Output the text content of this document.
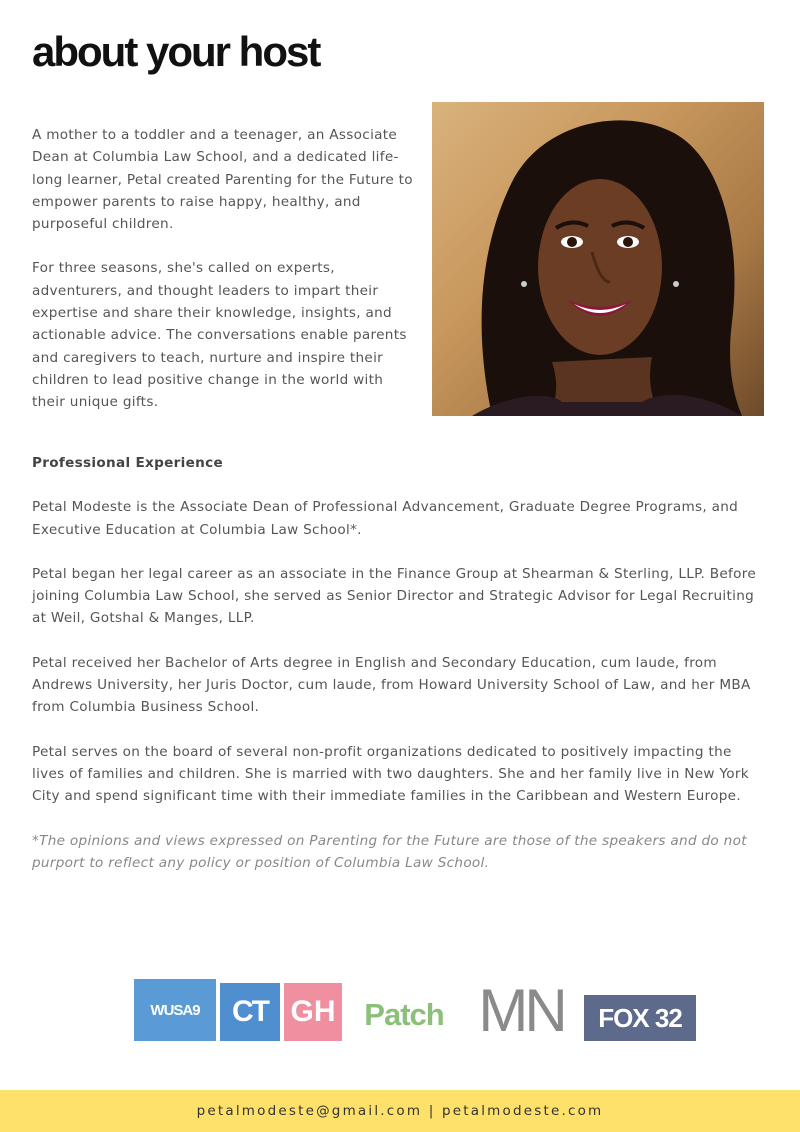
about your host

A mother to a toddler and a teenager, an Associate Dean at Columbia Law School, and a dedicated life-long learner, Petal created Parenting for the Future to empower parents to raise happy, healthy, and purposeful children.

For three seasons, she's called on experts, adventurers, and thought leaders to impart their expertise and share their knowledge, insights, and actionable advice. The conversations enable parents and caregivers to teach, nurture and inspire their children to lead positive change in the world with their unique gifts.

Professional Experience

Petal Modeste is the Associate Dean of Professional Advancement, Graduate Degree Programs, and Executive Education at Columbia Law School*.

Petal began her legal career as an associate in the Finance Group at Shearman & Sterling, LLP. Before joining Columbia Law School, she served as Senior Director and Strategic Advisor for Legal Recruiting at Weil, Gotshal & Manges, LLP.

Petal received her Bachelor of Arts degree in English and Secondary Education, cum laude, from Andrews University, her Juris Doctor, cum laude, from Howard University School of Law, and her MBA from Columbia Business School.

Petal serves on the board of several non-profit organizations dedicated to positively impacting the lives of families and children. She is married with two daughters. She and her family live in New York City and spend significant time with their immediate families in the Caribbean and Western Europe.

*The opinions and views expressed on Parenting for the Future are those of the speakers and do not purport to reflect any policy or position of Columbia Law School.

WUSA9 CT GH Patch MN FOX 32
petalmodeste@gmail.com | petalmodeste.com
